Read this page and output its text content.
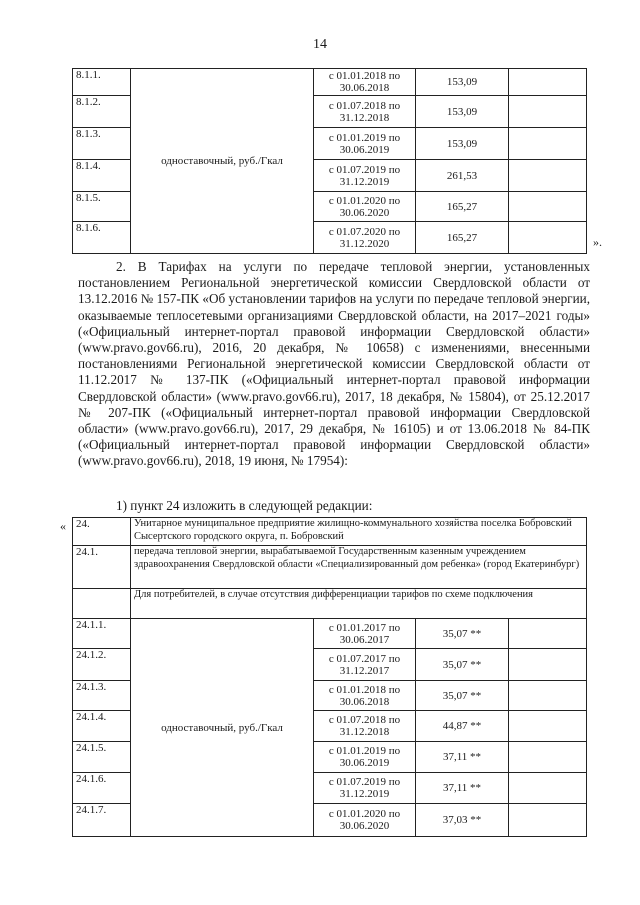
14
8.1.1.	одноставочный, руб./Гкал	с 01.01.2018 по 30.06.2018	153,09	
8.1.2.		с 01.07.2018 по 31.12.2018	153,09	
8.1.3.		с 01.01.2019 по 30.06.2019	153,09	
8.1.4.		с 01.07.2019 по 31.12.2019	261,53	
8.1.5.		с 01.01.2020 по 30.06.2020	165,27	
8.1.6.		с 01.07.2020 по 31.12.2020	165,27		».

2. В Тарифах на услуги по передаче тепловой энергии, установленных постановлением Региональной энергетической комиссии Свердловской области от 13.12.2016 № 157-ПК «Об установлении тарифов на услуги по передаче тепловой энергии, оказываемые теплосетевыми организациями Свердловской области, на 2017–2021 годы» («Официальный интернет-портал правовой информации Свердловской области» (www.pravo.gov66.ru), 2016, 20 декабря, № 10658) с изменениями, внесенными постановлениями Региональной энергетической комиссии Свердловской области от 11.12.2017 № 137-ПК («Официальный интернет-портал правовой информации Свердловской области» (www.pravo.gov66.ru), 2017, 18 декабря, № 15804), от 25.12.2017 № 207-ПК («Официальный интернет-портал правовой информации Свердловской области» (www.pravo.gov66.ru), 2017, 29 декабря, № 16105) и от 13.06.2018 № 84-ПК («Официальный интернет-портал правовой информации Свердловской области» (www.pravo.gov66.ru), 2018, 19 июня, № 17954):

1) пункт 24 изложить в следующей редакции:

« 24.	Унитарное муниципальное предприятие жилищно-коммунального хозяйства поселка Бобровский Сысертского городского округа, п. Бобровский			
24.1.	передача тепловой энергии, вырабатываемой Государственным казенным учреждением здравоохранения Свердловской области «Специализированный дом ребенка» (город Екатеринбург)			
	Для потребителей, в случае отсутствия дифференциации тарифов по схеме подключения			
24.1.1.	одноставочный, руб./Гкал	с 01.01.2017 по 30.06.2017	35,07 **	
24.1.2.		с 01.07.2017 по 31.12.2017	35,07 **	
24.1.3.		с 01.01.2018 по 30.06.2018	35,07 **	
24.1.4.		с 01.07.2018 по 31.12.2018	44,87 **	
24.1.5.		с 01.01.2019 по 30.06.2019	37,11 **	
24.1.6.		с 01.07.2019 по 31.12.2019	37,11 **	
24.1.7.		с 01.01.2020 по 30.06.2020	37,03 **	
